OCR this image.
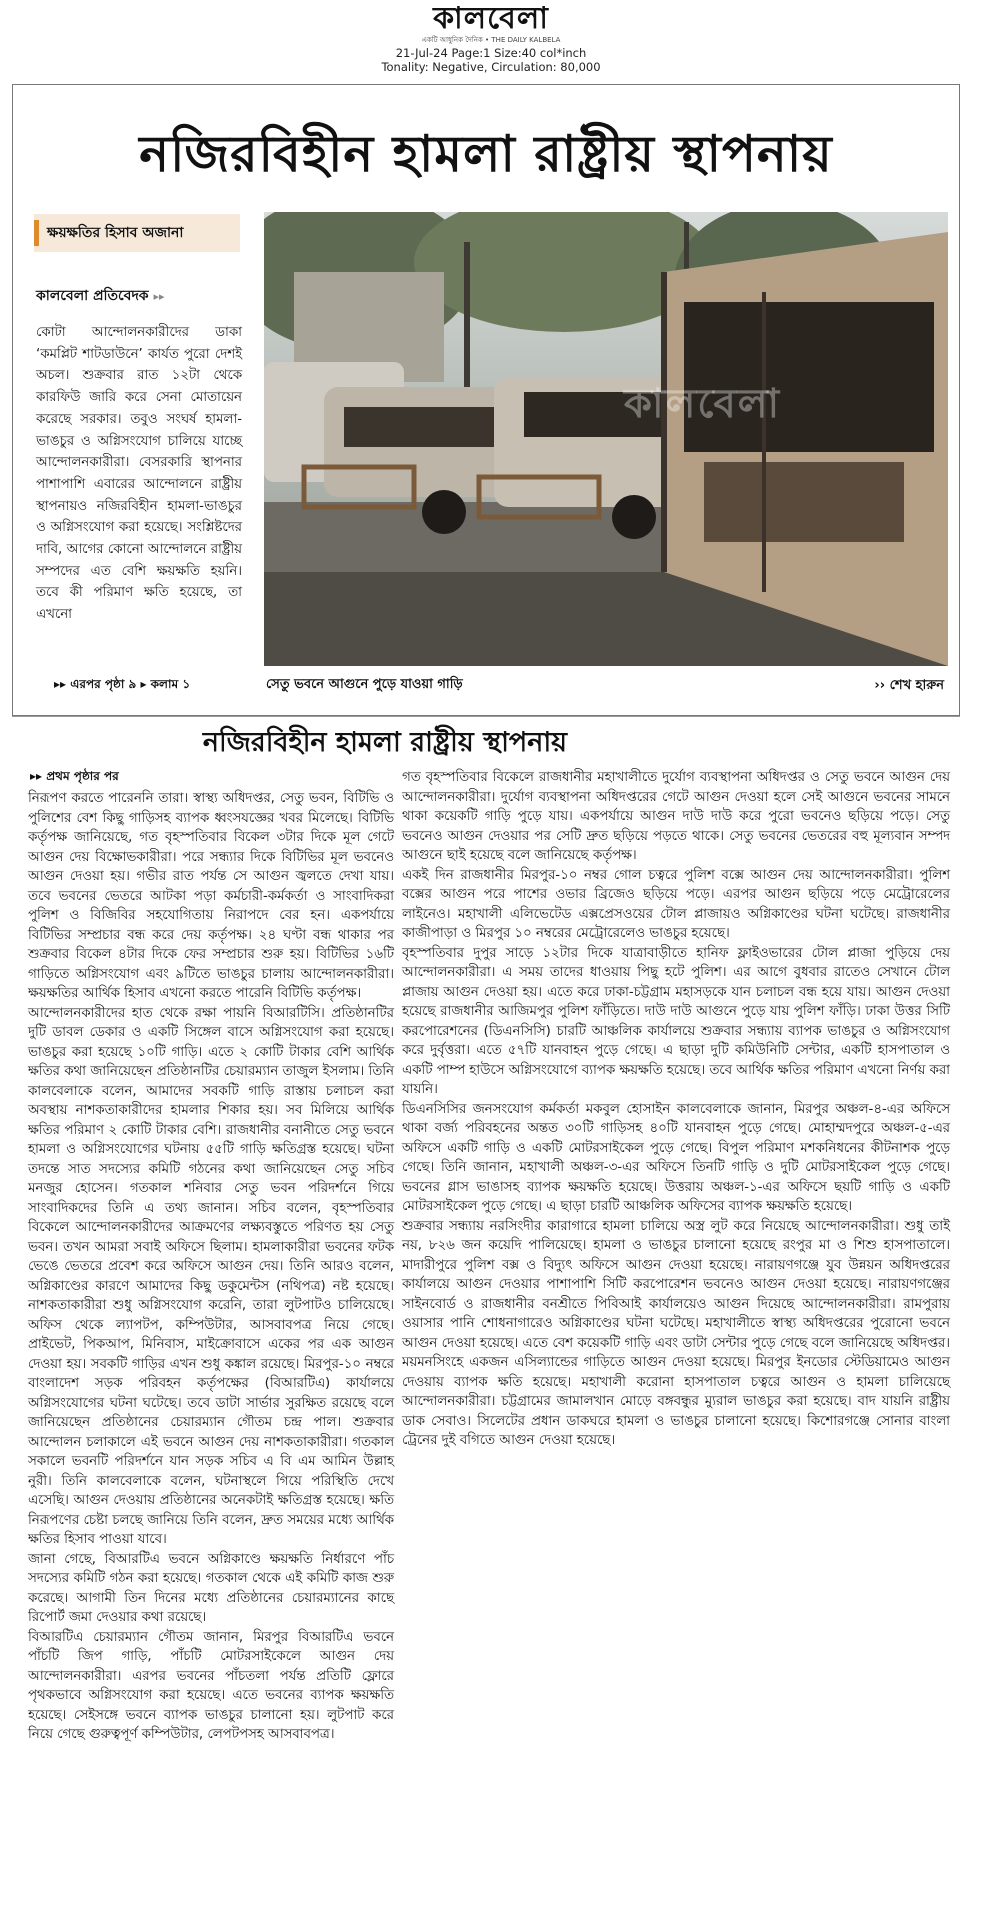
কালবেলা
একটি আধুনিক দৈনিক • THE DAILY KALBELA
21-Jul-24 Page:1 Size:40 col*inch
Tonality: Negative, Circulation: 80,000
নজিরবিহীন হামলা রাষ্ট্রীয় স্থাপনায়
ক্ষয়ক্ষতির হিসাব অজানা
কালবেলা প্রতিবেদক ▸▸
কোটা আন্দোলনকারীদের ডাকা ‘কমপ্লিট শাটডাউনে’ কার্যত পুরো দেশই অচল। শুক্রবার রাত ১২টা থেকে কারফিউ জারি করে সেনা মোতায়েন করেছে সরকার। তবুও সংঘর্ষ হামলা-ভাঙচুর ও অগ্নিসংযোগ চালিয়ে যাচ্ছে আন্দোলনকারীরা। বেসরকারি স্থাপনার পাশাপাশি এবারের আন্দোলনে রাষ্ট্রীয় স্থাপনায়ও নজিরবিহীন হামলা-ভাঙচুর ও অগ্নিসংযোগ করা হয়েছে। সংশ্লিষ্টদের দাবি, আগের কোনো আন্দোলনে রাষ্ট্রীয় সম্পদের এত বেশি ক্ষয়ক্ষতি হয়নি। তবে কী পরিমাণ ক্ষতি হয়েছে, তা এখনো
কালবেলা
▸▸ এরপর পৃষ্ঠা ৯ ▸ কলাম ১	সেতু ভবনে আগুনে পুড়ে যাওয়া গাড়ি	›› শেখ হারুন
নজিরবিহীন হামলা রাষ্ট্রীয় স্থাপনায়
▸▸ প্রথম পৃষ্ঠার পর

নিরূপণ করতে পারেননি তারা। স্বাস্থ্য অধিদপ্তর, সেতু ভবন, বিটিভি ও পুলিশের বেশ কিছু গাড়িসহ ব্যাপক ধ্বংসযজ্ঞের খবর মিলেছে। বিটিভি কর্তৃপক্ষ জানিয়েছে, গত বৃহস্পতিবার বিকেল ৩টার দিকে মূল গেটে আগুন দেয় বিক্ষোভকারীরা। পরে সন্ধ্যার দিকে বিটিভির মূল ভবনেও আগুন দেওয়া হয়। গভীর রাত পর্যন্ত সে আগুন জ্বলতে দেখা যায়। তবে ভবনের ভেতরে আটকা পড়া কর্মচারী-কর্মকর্তা ও সাংবাদিকরা পুলিশ ও বিজিবির সহযোগিতায় নিরাপদে বের হন। একপর্যায়ে বিটিভির সম্প্রচার বন্ধ করে দেয় কর্তৃপক্ষ। ২৪ ঘণ্টা বন্ধ থাকার পর শুক্রবার বিকেল ৪টার দিকে ফের সম্প্রচার শুরু হয়। বিটিভির ১৬টি গাড়িতে অগ্নিসংযোগ এবং ৯টিতে ভাঙচুর চালায় আন্দোলনকারীরা। ক্ষয়ক্ষতির আর্থিক হিসাব এখনো করতে পারেনি বিটিভি কর্তৃপক্ষ।

আন্দোলনকারীদের হাত থেকে রক্ষা পায়নি বিআরটিসি। প্রতিষ্ঠানটির দুটি ডাবল ডেকার ও একটি সিঙ্গেল বাসে অগ্নিসংযোগ করা হয়েছে। ভাঙচুর করা হয়েছে ১০টি গাড়ি। এতে ২ কোটি টাকার বেশি আর্থিক ক্ষতির কথা জানিয়েছেন প্রতিষ্ঠানটির চেয়ারম্যান তাজুল ইসলাম। তিনি কালবেলাকে বলেন, আমাদের সবকটি গাড়ি রাস্তায় চলাচল করা অবস্থায় নাশকতাকারীদের হামলার শিকার হয়। সব মিলিয়ে আর্থিক ক্ষতির পরিমাণ ২ কোটি টাকার বেশি। রাজধানীর বনানীতে সেতু ভবনে হামলা ও অগ্নিসংযোগের ঘটনায় ৫৫টি গাড়ি ক্ষতিগ্রস্ত হয়েছে। ঘটনা তদন্তে সাত সদস্যের কমিটি গঠনের কথা জানিয়েছেন সেতু সচিব মনজুর হোসেন। গতকাল শনিবার সেতু ভবন পরিদর্শনে গিয়ে সাংবাদিকদের তিনি এ তথ্য জানান। সচিব বলেন, বৃহস্পতিবার বিকেলে আন্দোলনকারীদের আক্রমণের লক্ষ্যবস্তুতে পরিণত হয় সেতু ভবন। তখন আমরা সবাই অফিসে ছিলাম। হামলাকারীরা ভবনের ফটক ভেঙে ভেতরে প্রবেশ করে অফিসে আগুন দেয়। তিনি আরও বলেন, অগ্নিকাণ্ডের কারণে আমাদের কিছু ডকুমেন্টস (নথিপত্র) নষ্ট হয়েছে। নাশকতাকারীরা শুধু অগ্নিসংযোগ করেনি, তারা লুটপাটও চালিয়েছে। অফিস থেকে ল্যাপটপ, কম্পিউটার, আসবাবপত্র নিয়ে গেছে। প্রাইভেট, পিকআপ, মিনিবাস, মাইক্রোবাসে একের পর এক আগুন দেওয়া হয়। সবকটি গাড়ির এখন শুধু কঙ্কাল রয়েছে। মিরপুর-১০ নম্বরে বাংলাদেশ সড়ক পরিবহন কর্তৃপক্ষের (বিআরটিএ) কার্যালয়ে অগ্নিসংযোগের ঘটনা ঘটেছে। তবে ডাটা সার্ভার সুরক্ষিত রয়েছে বলে জানিয়েছেন প্রতিষ্ঠানের চেয়ারম্যান গৌতম চন্দ্র পাল। শুক্রবার আন্দোলন চলাকালে এই ভবনে আগুন দেয় নাশকতাকারীরা। গতকাল সকালে ভবনটি পরিদর্শনে যান সড়ক সচিব এ বি এম আমিন উল্লাহ নুরী। তিনি কালবেলাকে বলেন, ঘটনাস্থলে গিয়ে পরিস্থিতি দেখে এসেছি। আগুন দেওয়ায় প্রতিষ্ঠানের অনেকটাই ক্ষতিগ্রস্ত হয়েছে। ক্ষতি নিরূপণের চেষ্টা চলছে জানিয়ে তিনি বলেন, দ্রুত সময়ের মধ্যে আর্থিক ক্ষতির হিসাব পাওয়া যাবে।

জানা গেছে, বিআরটিএ ভবনে অগ্নিকাণ্ডে ক্ষয়ক্ষতি নির্ধারণে পাঁচ সদস্যের কমিটি গঠন করা হয়েছে। গতকাল থেকে এই কমিটি কাজ শুরু করেছে। আগামী তিন দিনের মধ্যে প্রতিষ্ঠানের চেয়ারম্যানের কাছে রিপোর্ট জমা দেওয়ার কথা রয়েছে।

বিআরটিএ চেয়ারম্যান গৌতম জানান, মিরপুর বিআরটিএ ভবনে পাঁচটি জিপ গাড়ি, পাঁচটি মোটরসাইকেলে আগুন দেয় আন্দোলনকারীরা। এরপর ভবনের পাঁচতলা পর্যন্ত প্রতিটি ফ্লোরে পৃথকভাবে অগ্নিসংযোগ করা হয়েছে। এতে ভবনের ব্যাপক ক্ষয়ক্ষতি হয়েছে। সেইসঙ্গে ভবনে ব্যাপক ভাঙচুর চালানো হয়। লুটপাট করে নিয়ে গেছে গুরুত্বপূর্ণ কম্পিউটার, লেপটপসহ আসবাবপত্র।

গত বৃহস্পতিবার বিকেলে রাজধানীর মহাখালীতে দুর্যোগ ব্যবস্থাপনা অধিদপ্তর ও সেতু ভবনে আগুন দেয় আন্দোলনকারীরা। দুর্যোগ ব্যবস্থাপনা অধিদপ্তরের গেটে আগুন দেওয়া হলে সেই আগুনে ভবনের সামনে থাকা কয়েকটি গাড়ি পুড়ে যায়। একপর্যায়ে আগুন দাউ দাউ করে পুরো ভবনেও ছড়িয়ে পড়ে। সেতু ভবনেও আগুন দেওয়ার পর সেটি দ্রুত ছড়িয়ে পড়তে থাকে। সেতু ভবনের ভেতরের বহু মূল্যবান সম্পদ আগুনে ছাই হয়েছে বলে জানিয়েছে কর্তৃপক্ষ।

একই দিন রাজধানীর মিরপুর-১০ নম্বর গোল চত্বরে পুলিশ বক্সে আগুন দেয় আন্দোলনকারীরা। পুলিশ বক্সের আগুন পরে পাশের ওভার ব্রিজেও ছড়িয়ে পড়ে। এরপর আগুন ছড়িয়ে পড়ে মেট্রোরেলের লাইনেও। মহাখালী এলিভেটেড এক্সপ্রেসওয়ের টোল প্লাজায়ও অগ্নিকাণ্ডের ঘটনা ঘটেছে। রাজধানীর কাজীপাড়া ও মিরপুর ১০ নম্বরের মেট্রোরেলেও ভাঙচুর হয়েছে।

বৃহস্পতিবার দুপুর সাড়ে ১২টার দিকে যাত্রাবাড়ীতে হানিফ ফ্লাইওভারের টোল প্লাজা পুড়িয়ে দেয় আন্দোলনকারীরা। এ সময় তাদের ধাওয়ায় পিছু হটে পুলিশ। এর আগে বুধবার রাতেও সেখানে টোল প্লাজায় আগুন দেওয়া হয়। এতে করে ঢাকা-চট্টগ্রাম মহাসড়কে যান চলাচল বন্ধ হয়ে যায়। আগুন দেওয়া হয়েছে রাজধানীর আজিমপুর পুলিশ ফাঁড়িতে। দাউ দাউ আগুনে পুড়ে যায় পুলিশ ফাঁড়ি। ঢাকা উত্তর সিটি করপোরেশনের (ডিএনসিসি) চারটি আঞ্চলিক কার্যালয়ে শুক্রবার সন্ধ্যায় ব্যাপক ভাঙচুর ও অগ্নিসংযোগ করে দুর্বৃত্তরা। এতে ৫৭টি যানবাহন পুড়ে গেছে। এ ছাড়া দুটি কমিউনিটি সেন্টার, একটি হাসপাতাল ও একটি পাম্প হাউসে অগ্নিসংযোগে ব্যাপক ক্ষয়ক্ষতি হয়েছে। তবে আর্থিক ক্ষতির পরিমাণ এখনো নির্ণয় করা যায়নি।

ডিএনসিসির জনসংযোগ কর্মকর্তা মকবুল হোসাইন কালবেলাকে জানান, মিরপুর অঞ্চল-৪-এর অফিসে থাকা বর্জ্য পরিবহনের অন্তত ৩০টি গাড়িসহ ৪০টি যানবাহন পুড়ে গেছে। মোহাম্মদপুরে অঞ্চল-৫-এর অফিসে একটি গাড়ি ও একটি মোটরসাইকেল পুড়ে গেছে। বিপুল পরিমাণ মশকনিধনের কীটনাশক পুড়ে গেছে। তিনি জানান, মহাখালী অঞ্চল-৩-এর অফিসে তিনটি গাড়ি ও দুটি মোটরসাইকেল পুড়ে গেছে। ভবনের গ্লাস ভাঙাসহ ব্যাপক ক্ষয়ক্ষতি হয়েছে। উত্তরায় অঞ্চল-১-এর অফিসে ছয়টি গাড়ি ও একটি মোটরসাইকেল পুড়ে গেছে। এ ছাড়া চারটি আঞ্চলিক অফিসের ব্যাপক ক্ষয়ক্ষতি হয়েছে।

শুক্রবার সন্ধ্যায় নরসিংদীর কারাগারে হামলা চালিয়ে অস্ত্র লুট করে নিয়েছে আন্দোলনকারীরা। শুধু তাই নয়, ৮২৬ জন কয়েদি পালিয়েছে। হামলা ও ভাঙচুর চালানো হয়েছে রংপুর মা ও শিশু হাসপাতালে। মাদারীপুরে পুলিশ বক্স ও বিদ্যুৎ অফিসে আগুন দেওয়া হয়েছে। নারায়ণগঞ্জে যুব উন্নয়ন অধিদপ্তরের কার্যালয়ে আগুন দেওয়ার পাশাপাশি সিটি করপোরেশন ভবনেও আগুন দেওয়া হয়েছে। নারায়ণগঞ্জের সাইনবোর্ড ও রাজধানীর বনশ্রীতে পিবিআই কার্যালয়েও আগুন দিয়েছে আন্দোলনকারীরা। রামপুরায় ওয়াসার পানি শোধনাগারেও অগ্নিকাণ্ডের ঘটনা ঘটেছে। মহাখালীতে স্বাস্থ্য অধিদপ্তরের পুরোনো ভবনে আগুন দেওয়া হয়েছে। এতে বেশ কয়েকটি গাড়ি এবং ডাটা সেন্টার পুড়ে গেছে বলে জানিয়েছে অধিদপ্তর। ময়মনসিংহে একজন এসিল্যান্ডের গাড়িতে আগুন দেওয়া হয়েছে। মিরপুর ইনডোর স্টেডিয়ামেও আগুন দেওয়ায় ব্যাপক ক্ষতি হয়েছে। মহাখালী করোনা হাসপাতাল চত্বরে আগুন ও হামলা চালিয়েছে আন্দোলনকারীরা। চট্টগ্রামের জামালখান মোড়ে বঙ্গবন্ধুর ম্যুরাল ভাঙচুর করা হয়েছে। বাদ যায়নি রাষ্ট্রীয় ডাক সেবাও। সিলেটের প্রধান ডাকঘরে হামলা ও ভাঙচুর চালানো হয়েছে। কিশোরগঞ্জে সোনার বাংলা ট্রেনের দুই বগিতে আগুন দেওয়া হয়েছে।
